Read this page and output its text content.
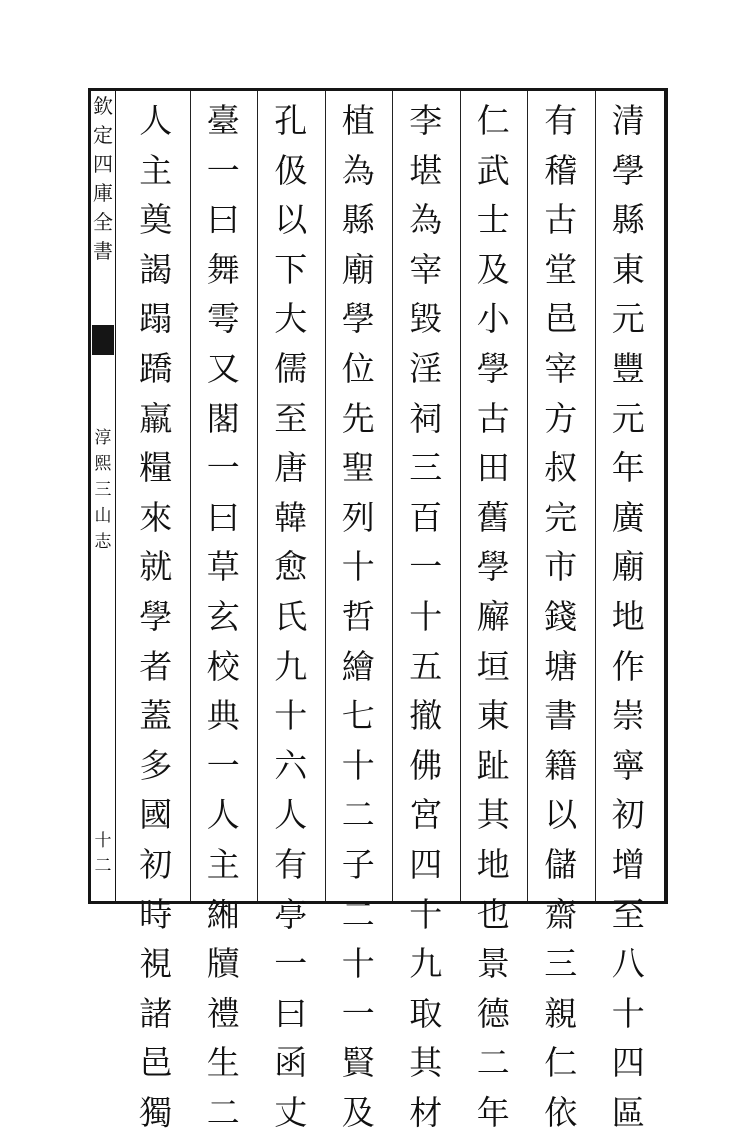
欽
定
四
庫
全
書
淳
熙
三
山
志
十二
清
學
縣
東
元
豐
元
年
廣
廟
地
作
崇
寧
初
增
至
八
十
四
區
有
稽
古
堂
邑
宰
方
叔
完
市
錢
塘
書
籍
以
儲
齋
三
親
仁
依
仁
武
士
及
小
學
古
田
舊
學
廨
垣
東
趾
其
地
也
景
德
二
年
李
堪
為
宰
毀
淫
祠
三
百
一
十
五
撤
佛
宮
四
十
九
取
其
材
植
為
縣
廟
學
位
先
聖
列
十
哲
繪
七
十
二
子
二
十
一
賢
及
孔
伋
以
下
大
儒
至
唐
韓
愈
氏
九
十
六
人
有
亭
一
曰
函
丈
臺
一
曰
舞
雩
又
閣
一
曰
草
玄
校
典
一
人
主
緗
牘
禮
生
二
人
主
奠
謁
蹋
蹻
羸
糧
來
就
學
者
蓋
多
國
初
時
視
諸
邑
獨
